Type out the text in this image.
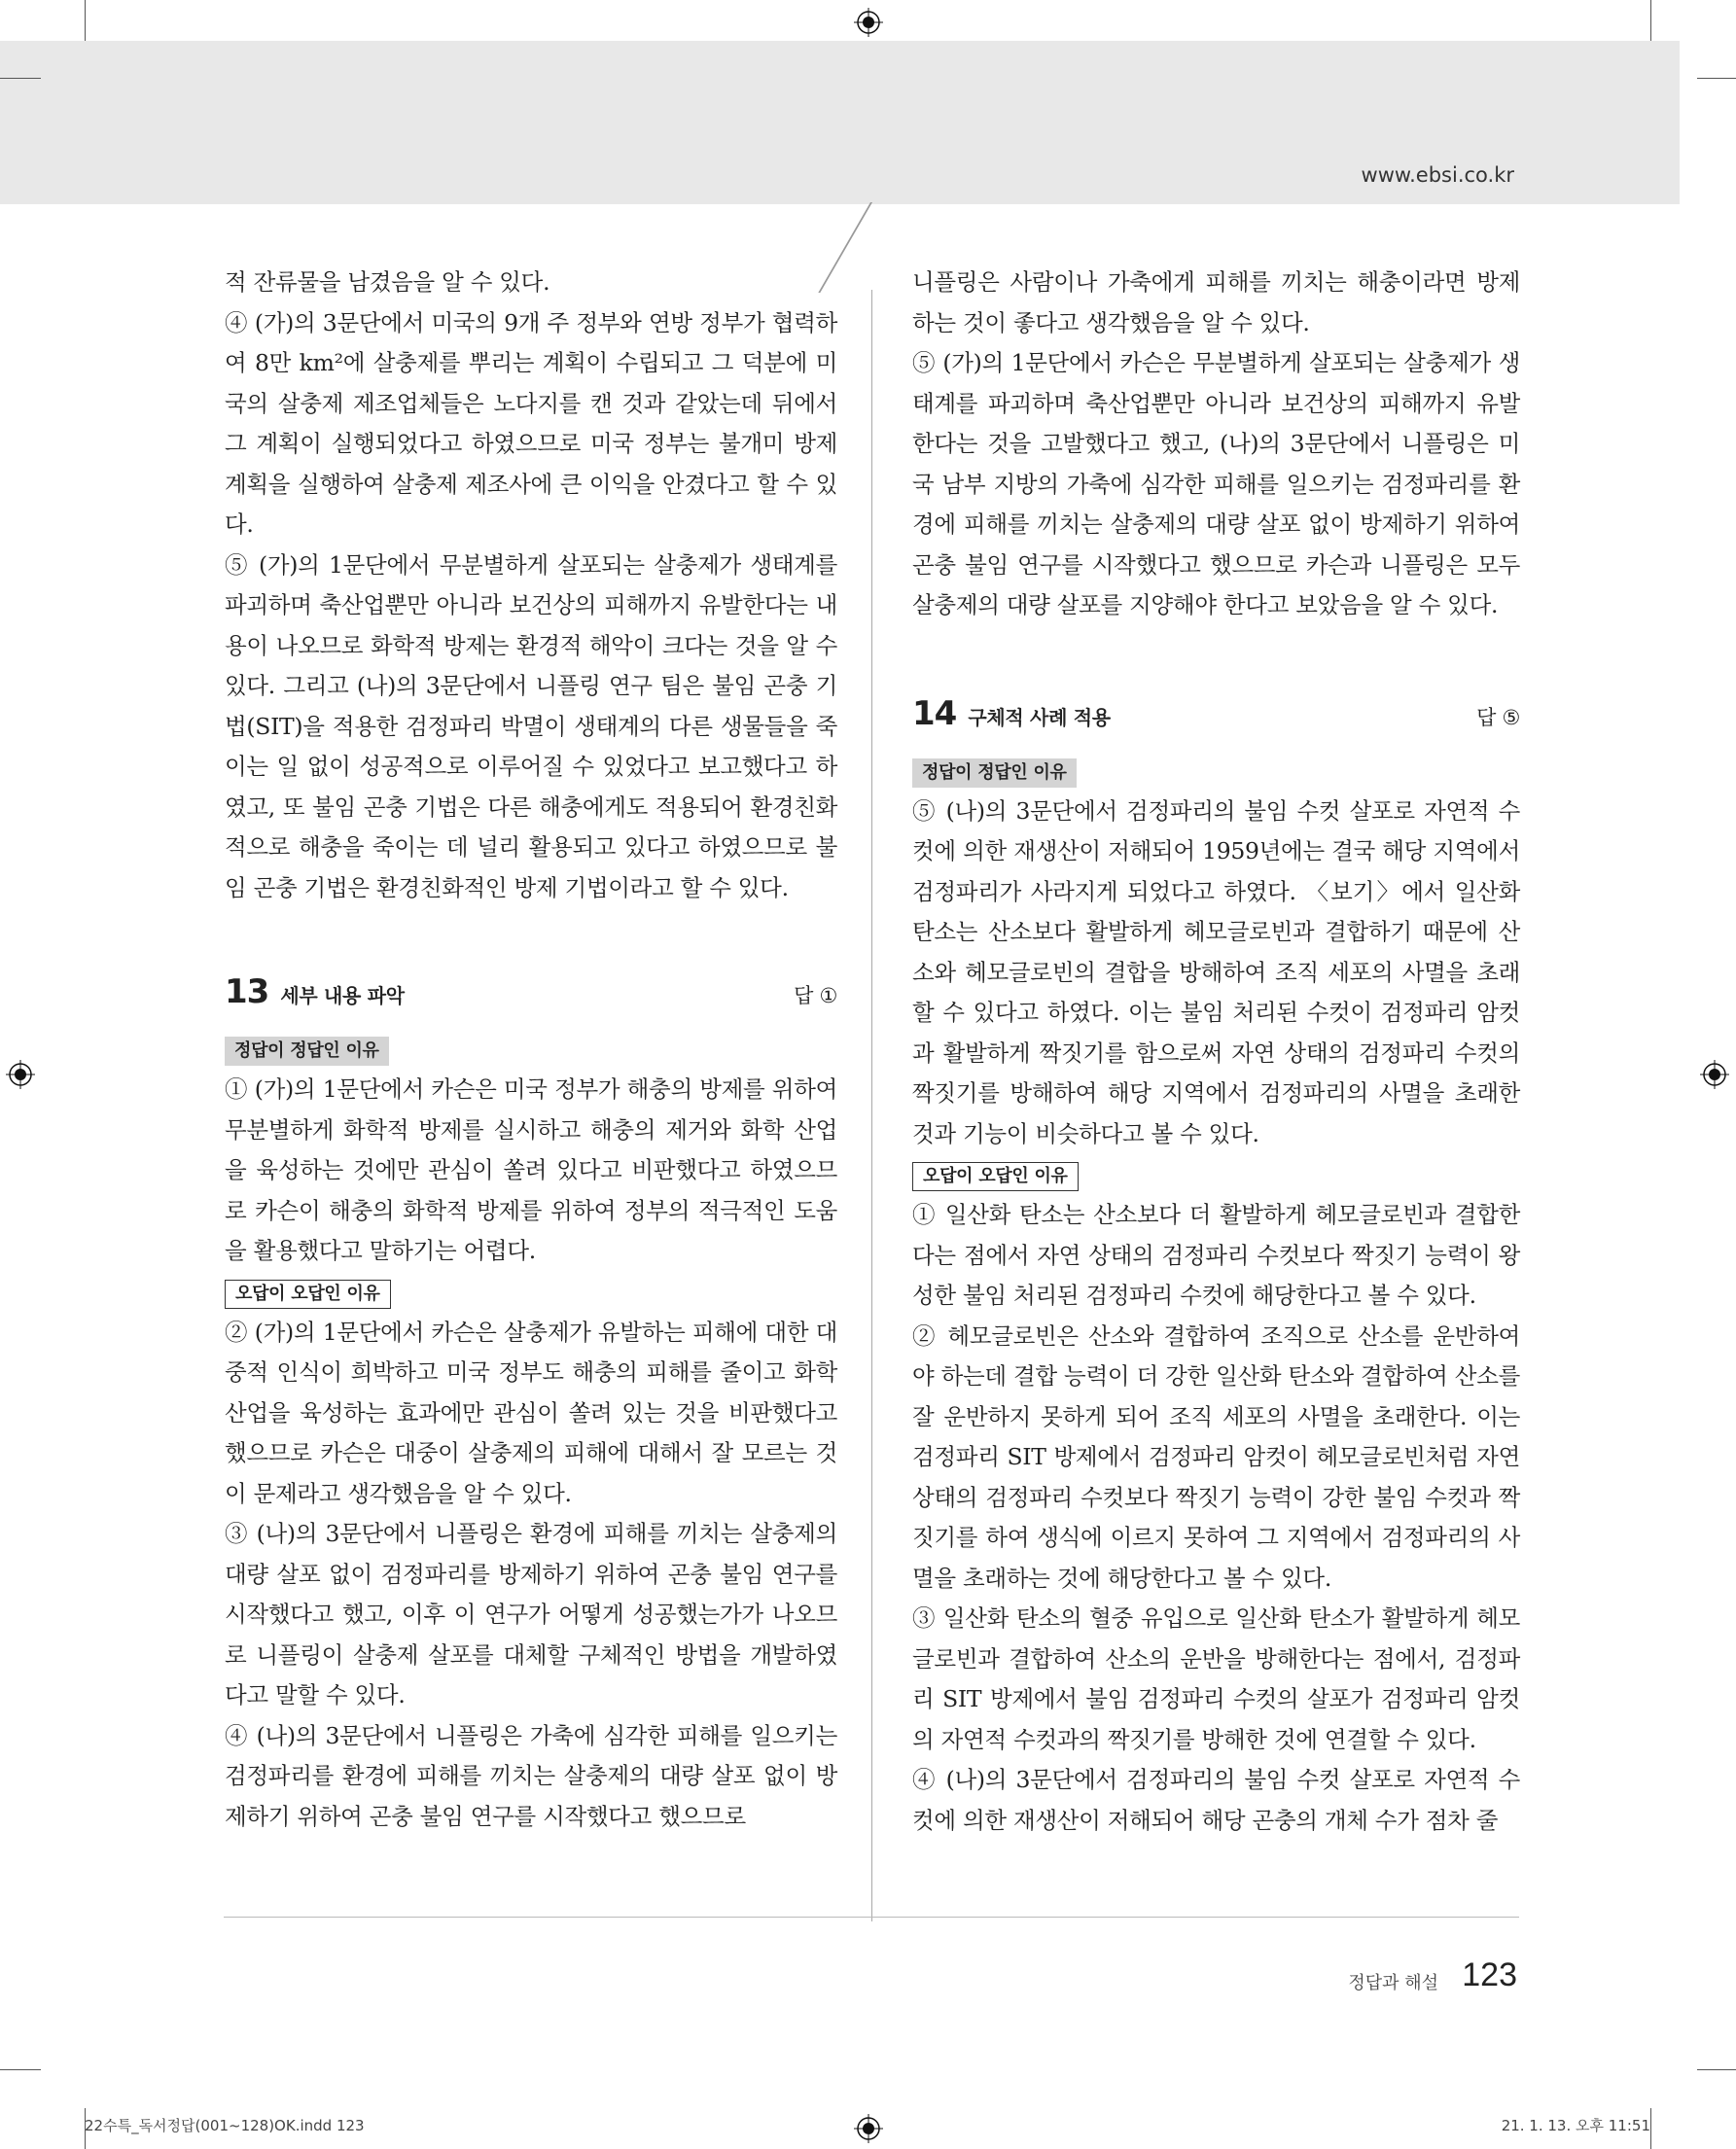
www.ebsi.co.kr

적 잔류물을 남겼음을 알 수 있다.

④ (가)의 3문단에서 미국의 9개 주 정부와 연방 정부가 협력하여 8만 km²에 살충제를 뿌리는 계획이 수립되고 그 덕분에 미국의 살충제 제조업체들은 노다지를 캔 것과 같았는데 뒤에서 그 계획이 실행되었다고 하였으므로 미국 정부는 불개미 방제 계획을 실행하여 살충제 제조사에 큰 이익을 안겼다고 할 수 있다.

⑤ (가)의 1문단에서 무분별하게 살포되는 살충제가 생태계를 파괴하며 축산업뿐만 아니라 보건상의 피해까지 유발한다는 내용이 나오므로 화학적 방제는 환경적 해악이 크다는 것을 알 수 있다. 그리고 (나)의 3문단에서 니플링 연구 팀은 불임 곤충 기법(SIT)을 적용한 검정파리 박멸이 생태계의 다른 생물들을 죽이는 일 없이 성공적으로 이루어질 수 있었다고 보고했다고 하였고, 또 불임 곤충 기법은 다른 해충에게도 적용되어 환경친화적으로 해충을 죽이는 데 널리 활용되고 있다고 하였으므로 불임 곤충 기법은 환경친화적인 방제 기법이라고 할 수 있다.

13 세부 내용 파악	답 ①
정답이 정답인 이유

① (가)의 1문단에서 카슨은 미국 정부가 해충의 방제를 위하여 무분별하게 화학적 방제를 실시하고 해충의 제거와 화학 산업을 육성하는 것에만 관심이 쏠려 있다고 비판했다고 하였으므로 카슨이 해충의 화학적 방제를 위하여 정부의 적극적인 도움을 활용했다고 말하기는 어렵다.

오답이 오답인 이유

② (가)의 1문단에서 카슨은 살충제가 유발하는 피해에 대한 대중적 인식이 희박하고 미국 정부도 해충의 피해를 줄이고 화학 산업을 육성하는 효과에만 관심이 쏠려 있는 것을 비판했다고 했으므로 카슨은 대중이 살충제의 피해에 대해서 잘 모르는 것이 문제라고 생각했음을 알 수 있다.

③ (나)의 3문단에서 니플링은 환경에 피해를 끼치는 살충제의 대량 살포 없이 검정파리를 방제하기 위하여 곤충 불임 연구를 시작했다고 했고, 이후 이 연구가 어떻게 성공했는가가 나오므로 니플링이 살충제 살포를 대체할 구체적인 방법을 개발하였다고 말할 수 있다.

④ (나)의 3문단에서 니플링은 가축에 심각한 피해를 일으키는 검정파리를 환경에 피해를 끼치는 살충제의 대량 살포 없이 방제하기 위하여 곤충 불임 연구를 시작했다고 했으므로

니플링은 사람이나 가축에게 피해를 끼치는 해충이라면 방제하는 것이 좋다고 생각했음을 알 수 있다.

⑤ (가)의 1문단에서 카슨은 무분별하게 살포되는 살충제가 생태계를 파괴하며 축산업뿐만 아니라 보건상의 피해까지 유발한다는 것을 고발했다고 했고, (나)의 3문단에서 니플링은 미국 남부 지방의 가축에 심각한 피해를 일으키는 검정파리를 환경에 피해를 끼치는 살충제의 대량 살포 없이 방제하기 위하여 곤충 불임 연구를 시작했다고 했으므로 카슨과 니플링은 모두 살충제의 대량 살포를 지양해야 한다고 보았음을 알 수 있다.

14 구체적 사례 적용	답 ⑤
정답이 정답인 이유

⑤ (나)의 3문단에서 검정파리의 불임 수컷 살포로 자연적 수컷에 의한 재생산이 저해되어 1959년에는 결국 해당 지역에서 검정파리가 사라지게 되었다고 하였다. 〈보기〉에서 일산화 탄소는 산소보다 활발하게 헤모글로빈과 결합하기 때문에 산소와 헤모글로빈의 결합을 방해하여 조직 세포의 사멸을 초래할 수 있다고 하였다. 이는 불임 처리된 수컷이 검정파리 암컷과 활발하게 짝짓기를 함으로써 자연 상태의 검정파리 수컷의 짝짓기를 방해하여 해당 지역에서 검정파리의 사멸을 초래한 것과 기능이 비슷하다고 볼 수 있다.

오답이 오답인 이유

① 일산화 탄소는 산소보다 더 활발하게 헤모글로빈과 결합한다는 점에서 자연 상태의 검정파리 수컷보다 짝짓기 능력이 왕성한 불임 처리된 검정파리 수컷에 해당한다고 볼 수 있다.

② 헤모글로빈은 산소와 결합하여 조직으로 산소를 운반하여야 하는데 결합 능력이 더 강한 일산화 탄소와 결합하여 산소를 잘 운반하지 못하게 되어 조직 세포의 사멸을 초래한다. 이는 검정파리 SIT 방제에서 검정파리 암컷이 헤모글로빈처럼 자연 상태의 검정파리 수컷보다 짝짓기 능력이 강한 불임 수컷과 짝짓기를 하여 생식에 이르지 못하여 그 지역에서 검정파리의 사멸을 초래하는 것에 해당한다고 볼 수 있다.

③ 일산화 탄소의 혈중 유입으로 일산화 탄소가 활발하게 헤모글로빈과 결합하여 산소의 운반을 방해한다는 점에서, 검정파리 SIT 방제에서 불임 검정파리 수컷의 살포가 검정파리 암컷의 자연적 수컷과의 짝짓기를 방해한 것에 연결할 수 있다.

④ (나)의 3문단에서 검정파리의 불임 수컷 살포로 자연적 수컷에 의한 재생산이 저해되어 해당 곤충의 개체 수가 점차 줄

정답과 해설 123
22수특_독서정답(001~128)OK.indd 123	21. 1. 13. 오후 11:51
